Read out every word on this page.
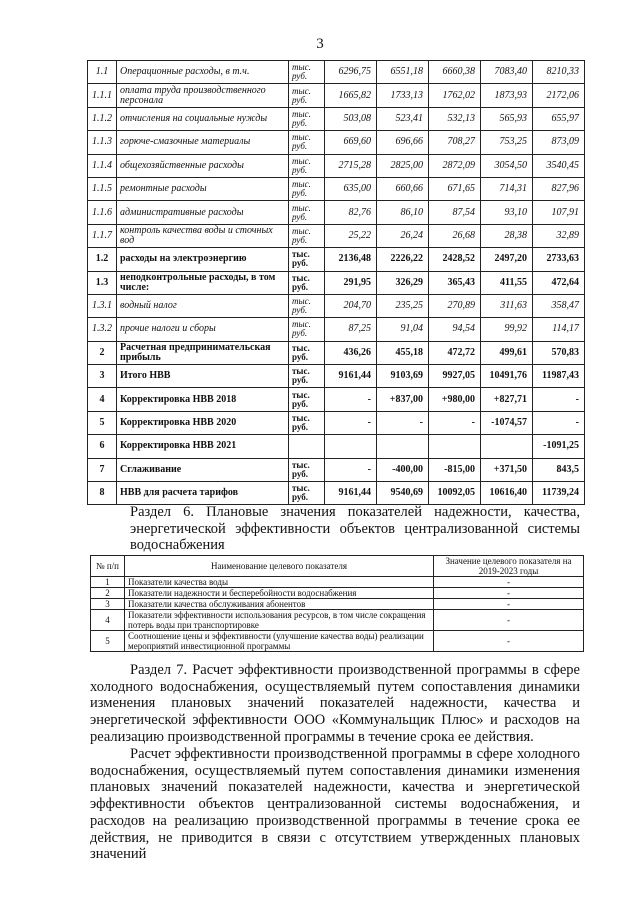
3
1.1	Операционные расходы, в т.ч.	тыс. руб.	6296,75	6551,18	6660,38	7083,40	8210,33
1.1.1	оплата труда производственного персонала	тыс. руб.	1665,82	1733,13	1762,02	1873,93	2172,06
1.1.2	отчисления на социальные нужды	тыс. руб.	503,08	523,41	532,13	565,93	655,97
1.1.3	горюче-смазочные материалы	тыс. руб.	669,60	696,66	708,27	753,25	873,09
1.1.4	общехозяйственные расходы	тыс. руб.	2715,28	2825,00	2872,09	3054,50	3540,45
1.1.5	ремонтные расходы	тыс. руб.	635,00	660,66	671,65	714,31	827,96
1.1.6	административные расходы	тыс. руб.	82,76	86,10	87,54	93,10	107,91
1.1.7	контроль качества воды и сточных вод	тыс. руб.	25,22	26,24	26,68	28,38	32,89
1.2	расходы на электроэнергию	тыс. руб.	2136,48	2226,22	2428,52	2497,20	2733,63
1.3	неподконтрольные расходы, в том числе:	тыс. руб.	291,95	326,29	365,43	411,55	472,64
1.3.1	водный налог	тыс. руб.	204,70	235,25	270,89	311,63	358,47
1.3.2	прочие налоги и сборы	тыс. руб.	87,25	91,04	94,54	99,92	114,17
2	Расчетная предпринимательская прибыль	тыс. руб.	436,26	455,18	472,72	499,61	570,83
3	Итого НВВ	тыс. руб.	9161,44	9103,69	9927,05	10491,76	11987,43
4	Корректировка НВВ 2018	тыс. руб.	-	+837,00	+980,00	+827,71	-
5	Корректировка НВВ 2020	тыс. руб.	-	-	-	-1074,57	-
6	Корректировка НВВ 2021						-1091,25
7	Сглаживание	тыс. руб.	-	-400,00	-815,00	+371,50	843,5
8	НВВ для расчета тарифов	тыс. руб.	9161,44	9540,69	10092,05	10616,40	11739,24
Раздел 6. Плановые значения показателей надежности, качества, энергетической эффективности объектов централизованной системы водоснабжения
№ п/п	Наименование целевого показателя	Значение целевого показателя на 2019-2023 годы
1	Показатели качества воды	-
2	Показатели надежности и бесперебойности водоснабжения	-
3	Показатели качества обслуживания абонентов	-
4	Показатели эффективности использования ресурсов, в том числе сокращения потерь воды при транспортировке	-
5	Соотношение цены и эффективности (улучшение качества воды) реализации мероприятий инвестиционной программы	-
Раздел 7. Расчет эффективности производственной программы в сфере холодного водоснабжения, осуществляемый путем сопоставления динамики изменения плановых значений показателей надежности, качества и энергетической эффективности ООО «Коммунальщик Плюс» и расходов на реализацию производственной программы в течение срока ее действия.
Расчет эффективности производственной программы в сфере холодного водоснабжения, осуществляемый путем сопоставления динамики изменения плановых значений показателей надежности, качества и энергетической эффективности объектов централизованной системы водоснабжения, и расходов на реализацию производственной программы в течение срока ее действия, не приводится в связи с отсутствием утвержденных плановых значений
